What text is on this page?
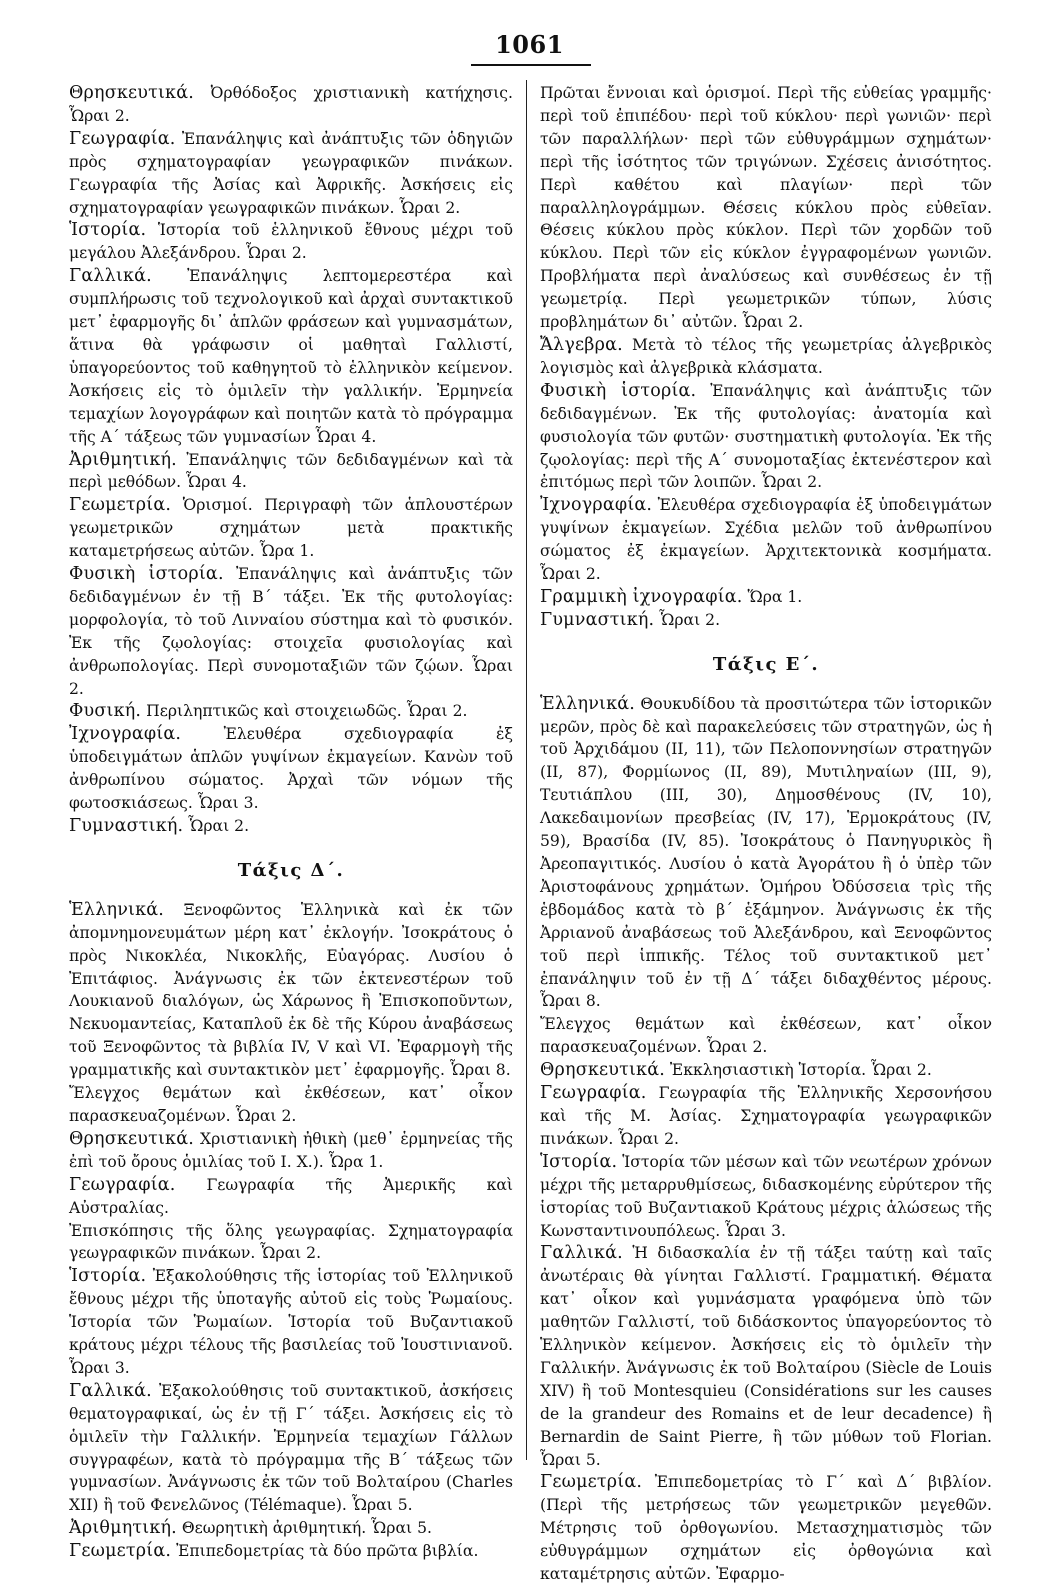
1061

Θρησκευτικά. Ὀρθόδοξος χριστιανικὴ κατήχησις. Ὧραι 2.

Γεωγραφία. Ἐπανάληψις καὶ ἀνάπτυξις τῶν ὁδηγιῶν πρὸς σχηματογραφίαν γεωγραφικῶν πινάκων. Γεωγραφία τῆς Ἀσίας καὶ Ἀφρικῆς. Ἀσκήσεις εἰς σχηματογραφίαν γεωγραφικῶν πινάκων. Ὧραι 2.

Ἱστορία. Ἱστορία τοῦ ἑλληνικοῦ ἔθνους μέχρι τοῦ μεγάλου Ἀλεξάνδρου. Ὧραι 2.

Γαλλικά. Ἐπανάληψις λεπτομερεστέρα καὶ συμπλήρωσις τοῦ τεχνολογικοῦ καὶ ἀρχαὶ συντακτικοῦ μετ᾽ ἐφαρμογῆς δι᾽ ἁπλῶν φράσεων καὶ γυμνασμάτων, ἅτινα θὰ γράφωσιν οἱ μαθηταὶ Γαλλιστί, ὑπαγορεύοντος τοῦ καθηγητοῦ τὸ ἑλληνικὸν κείμενον. Ἀσκήσεις εἰς τὸ ὁμιλεῖν τὴν γαλλικήν. Ἑρμηνεία τεμαχίων λογογράφων καὶ ποιητῶν κατὰ τὸ πρόγραμμα τῆς Α´ τάξεως τῶν γυμνασίων Ὧραι 4.

Ἀριθμητική. Ἐπανάληψις τῶν δεδιδαγμένων καὶ τὰ περὶ μεθόδων. Ὧραι 4.

Γεωμετρία. Ὁρισμοί. Περιγραφὴ τῶν ἁπλουστέρων γεωμετρικῶν σχημάτων μετὰ πρακτικῆς καταμετρήσεως αὐτῶν. Ὧρα 1.

Φυσικὴ ἱστορία. Ἐπανάληψις καὶ ἀνάπτυξις τῶν δεδιδαγμένων ἐν τῇ Β´ τάξει. Ἐκ τῆς φυτολογίας: μορφολογία, τὸ τοῦ Λινναίου σύστημα καὶ τὸ φυσικόν. Ἐκ τῆς ζῳολογίας: στοιχεῖα φυσιολογίας καὶ ἀνθρωπολογίας. Περὶ συνομοταξιῶν τῶν ζῴων. Ὧραι 2.

Φυσική. Περιληπτικῶς καὶ στοιχειωδῶς. Ὧραι 2.

Ἰχνογραφία. Ἐλευθέρα σχεδιογραφία ἐξ ὑποδειγμάτων ἁπλῶν γυψίνων ἐκμαγείων. Κανὼν τοῦ ἀνθρωπίνου σώματος. Ἀρχαὶ τῶν νόμων τῆς φωτοσκιάσεως. Ὧραι 3.

Γυμναστική. Ὧραι 2.

Τάξις Δ´.

Ἑλληνικά. Ξενοφῶντος Ἑλληνικὰ καὶ ἐκ τῶν ἀπομνημονευμάτων μέρη κατ᾽ ἐκλογήν. Ἰσοκράτους ὁ πρὸς Νικοκλέα, Νικοκλῆς, Εὐαγόρας. Λυσίου ὁ Ἐπιτάφιος. Ἀνάγνωσις ἐκ τῶν ἐκτενεστέρων τοῦ Λουκιανοῦ διαλόγων, ὡς Χάρωνος ἢ Ἐπισκοποῦντων, Νεκυομαντείας, Καταπλοῦ ἐκ δὲ τῆς Κύρου ἀναβάσεως τοῦ Ξενοφῶντος τὰ βιβλία IV, V καὶ VI. Ἐφαρμογὴ τῆς γραμματικῆς καὶ συντακτικὸν μετ᾽ ἐφαρμογῆς. Ὧραι 8.

Ἔλεγχος θεμάτων καὶ ἐκθέσεων, κατ᾽ οἶκον παρασκευαζομένων. Ὧραι 2.

Θρησκευτικά. Χριστιανικὴ ἠθικὴ (μεθ᾽ ἑρμηνείας τῆς ἐπὶ τοῦ ὄρους ὁμιλίας τοῦ Ι. Χ.). Ὧρα 1.

Γεωγραφία. Γεωγραφία τῆς Ἀμερικῆς καὶ Αὐστραλίας.

Ἐπισκόπησις τῆς ὅλης γεωγραφίας. Σχηματογραφία γεωγραφικῶν πινάκων. Ὧραι 2.

Ἱστορία. Ἐξακολούθησις τῆς ἱστορίας τοῦ Ἑλληνικοῦ ἔθνους μέχρι τῆς ὑποταγῆς αὐτοῦ εἰς τοὺς Ῥωμαίους. Ἱστορία τῶν Ῥωμαίων. Ἱστορία τοῦ Βυζαντιακοῦ κράτους μέχρι τέλους τῆς βασιλείας τοῦ Ἰουστινιανοῦ. Ὧραι 3.

Γαλλικά. Ἐξακολούθησις τοῦ συντακτικοῦ, ἀσκήσεις θεματογραφικαί, ὡς ἐν τῇ Γ´ τάξει. Ἀσκήσεις εἰς τὸ ὁμιλεῖν τὴν Γαλλικήν. Ἑρμηνεία τεμαχίων Γάλλων συγγραφέων, κατὰ τὸ πρόγραμμα τῆς Β´ τάξεως τῶν γυμνασίων. Ἀνάγνωσις ἐκ τῶν τοῦ Βολταίρου (Charles XII) ἢ τοῦ Φενελῶνος (Télémaque). Ὧραι 5.

Ἀριθμητική. Θεωρητικὴ ἀριθμητική. Ὧραι 5.

Γεωμετρία. Ἐπιπεδομετρίας τὰ δύο πρῶτα βιβλία.

Πρῶται ἔννοιαι καὶ ὁρισμοί. Περὶ τῆς εὐθείας γραμμῆς· περὶ τοῦ ἐπιπέδου· περὶ τοῦ κύκλου· περὶ γωνιῶν· περὶ τῶν παραλλήλων· περὶ τῶν εὐθυγράμμων σχημάτων· περὶ τῆς ἰσότητος τῶν τριγώνων. Σχέσεις ἀνισότητος. Περὶ καθέτου καὶ πλαγίων· περὶ τῶν παραλληλογράμμων. Θέσεις κύκλου πρὸς εὐθεῖαν. Θέσεις κύκλου πρὸς κύκλον. Περὶ τῶν χορδῶν τοῦ κύκλου. Περὶ τῶν εἰς κύκλον ἐγγραφομένων γωνιῶν. Προβλήματα περὶ ἀναλύσεως καὶ συνθέσεως ἐν τῇ γεωμετρίᾳ. Περὶ γεωμετρικῶν τύπων, λύσις προβλημάτων δι᾽ αὐτῶν. Ὧραι 2.

Ἄλγεβρα. Μετὰ τὸ τέλος τῆς γεωμετρίας ἀλγεβρικὸς λογισμὸς καὶ ἀλγεβρικὰ κλάσματα.

Φυσικὴ ἱστορία. Ἐπανάληψις καὶ ἀνάπτυξις τῶν δεδιδαγμένων. Ἐκ τῆς φυτολογίας: ἀνατομία καὶ φυσιολογία τῶν φυτῶν· συστηματικὴ φυτολογία. Ἐκ τῆς ζῳολογίας: περὶ τῆς Α´ συνομοταξίας ἐκτενέστερον καὶ ἐπιτόμως περὶ τῶν λοιπῶν. Ὧραι 2.

Ἰχνογραφία. Ἐλευθέρα σχεδιογραφία ἐξ ὑποδειγμάτων γυψίνων ἐκμαγείων. Σχέδια μελῶν τοῦ ἀνθρωπίνου σώματος ἐξ ἐκμαγείων. Ἀρχιτεκτονικὰ κοσμήματα. Ὧραι 2.

Γραμμικὴ ἰχνογραφία. Ὥρα 1.

Γυμναστική. Ὧραι 2.

Τάξις Ε´.

Ἑλληνικά. Θουκυδίδου τὰ προσιτώτερα τῶν ἱστορικῶν μερῶν, πρὸς δὲ καὶ παρακελεύσεις τῶν στρατηγῶν, ὡς ἡ τοῦ Ἀρχιδάμου (II, 11), τῶν Πελοποννησίων στρατηγῶν (II, 87), Φορμίωνος (II, 89), Μυτιληναίων (III, 9), Τευτιάπλου (III, 30), Δημοσθένους (IV, 10), Λακεδαιμονίων πρεσβείας (IV, 17), Ἑρμοκράτους (IV, 59), Βρασίδα (IV, 85). Ἰσοκράτους ὁ Πανηγυρικὸς ἢ Ἀρεοπαγιτικός. Λυσίου ὁ κατὰ Ἀγοράτου ἢ ὁ ὑπὲρ τῶν Ἀριστοφάνους χρημάτων. Ὁμήρου Ὀδύσσεια τρὶς τῆς ἑβδομάδος κατὰ τὸ β´ ἑξάμηνον. Ἀνάγνωσις ἐκ τῆς Ἀρριανοῦ ἀναβάσεως τοῦ Ἀλεξάνδρου, καὶ Ξενοφῶντος τοῦ περὶ ἱππικῆς. Τέλος τοῦ συντακτικοῦ μετ᾽ ἐπανάληψιν τοῦ ἐν τῇ Δ´ τάξει διδαχθέντος μέρους. Ὧραι 8.

Ἔλεγχος θεμάτων καὶ ἐκθέσεων, κατ᾽ οἶκον παρασκευαζομένων. Ὧραι 2.

Θρησκευτικά. Ἐκκλησιαστικὴ Ἱστορία. Ὧραι 2.

Γεωγραφία. Γεωγραφία τῆς Ἑλληνικῆς Χερσονήσου καὶ τῆς Μ. Ἀσίας. Σχηματογραφία γεωγραφικῶν πινάκων. Ὧραι 2.

Ἱστορία. Ἱστορία τῶν μέσων καὶ τῶν νεωτέρων χρόνων μέχρι τῆς μεταρρυθμίσεως, διδασκομένης εὐρύτερον τῆς ἱστορίας τοῦ Βυζαντιακοῦ Κράτους μέχρις ἁλώσεως τῆς Κωνσταντινουπόλεως. Ὧραι 3.

Γαλλικά. Ἡ διδασκαλία ἐν τῇ τάξει ταύτῃ καὶ ταῖς ἀνωτέραις θὰ γίνηται Γαλλιστί. Γραμματική. Θέματα κατ᾽ οἶκον καὶ γυμνάσματα γραφόμενα ὑπὸ τῶν μαθητῶν Γαλλιστί, τοῦ διδάσκοντος ὑπαγορεύοντος τὸ Ἑλληνικὸν κείμενον. Ἀσκήσεις εἰς τὸ ὁμιλεῖν τὴν Γαλλικήν. Ἀνάγνωσις ἐκ τοῦ Βολταίρου (Siècle de Louis XIV) ἢ τοῦ Montesquieu (Considérations sur les causes de la grandeur des Romains et de leur decadence) ἢ Bernardin de Saint Pierre, ἢ τῶν μύθων τοῦ Florian. Ὧραι 5.

Γεωμετρία. Ἐπιπεδομετρίας τὸ Γ´ καὶ Δ´ βιβλίον. (Περὶ τῆς μετρήσεως τῶν γεωμετρικῶν μεγεθῶν. Μέτρησις τοῦ ὀρθογωνίου. Μετασχηματισμὸς τῶν εὐθυγράμμων σχημάτων εἰς ὀρθογώνια καὶ καταμέτρησις αὐτῶν. Ἐφαρμο-
